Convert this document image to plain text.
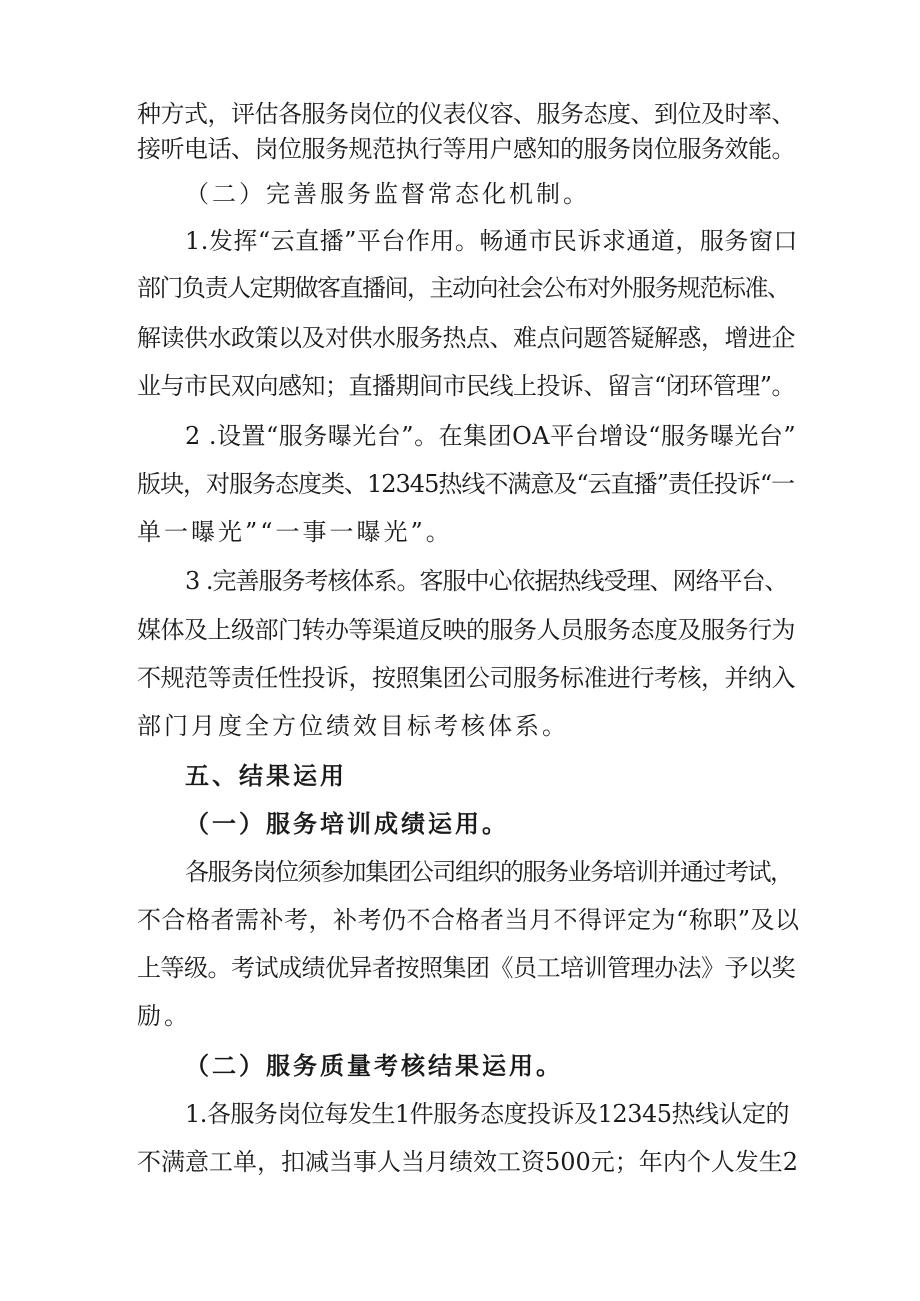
种方式，评估各服务岗位的仪表仪容、服务态度、到位及时率、
接听电话、岗位服务规范执行等用户感知的服务岗位服务效能。
（二）完善服务监督常态化机制。
1.发挥“云直播”平台作用。畅通市民诉求通道，服务窗口
部门负责人定期做客直播间，主动向社会公布对外服务规范标准、
解读供水政策以及对供水服务热点、难点问题答疑解惑，增进企
业与市民双向感知；直播期间市民线上投诉、留言“闭环管理”。
2 .设置“服务曝光台”。在集团OA平台增设“服务曝光台”
版块，对服务态度类、12345热线不满意及“云直播”责任投诉“一
单一曝光”“一事一曝光”。
3 .完善服务考核体系。客服中心依据热线受理、网络平台、
媒体及上级部门转办等渠道反映的服务人员服务态度及服务行为
不规范等责任性投诉，按照集团公司服务标准进行考核，并纳入
部门月度全方位绩效目标考核体系。
五、结果运用
（一）服务培训成绩运用。
各服务岗位须参加集团公司组织的服务业务培训并通过考试，
不合格者需补考，补考仍不合格者当月不得评定为“称职”及以
上等级。考试成绩优异者按照集团《员工培训管理办法》予以奖
励。
（二）服务质量考核结果运用。
1.各服务岗位每发生1件服务态度投诉及12345热线认定的
不满意工单，扣减当事人当月绩效工资500元；年内个人发生2
